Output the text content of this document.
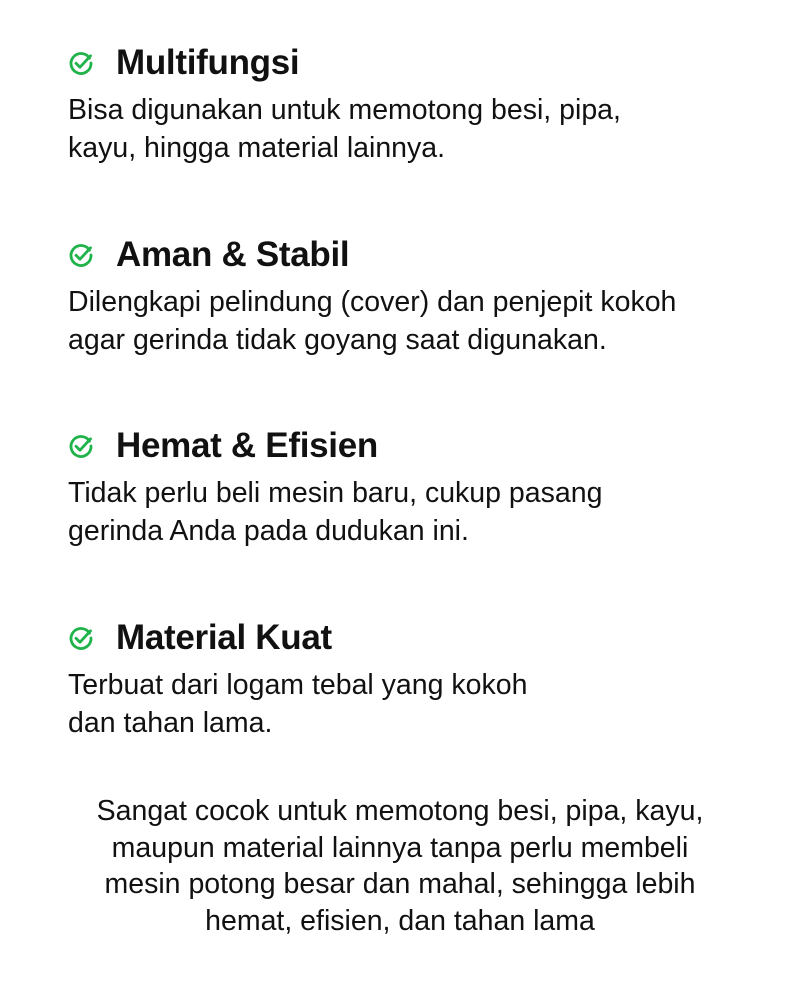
Multifungsi
Bisa digunakan untuk memotong besi, pipa,
kayu, hingga material lainnya.
Aman & Stabil
Dilengkapi pelindung (cover) dan penjepit kokoh
agar gerinda tidak goyang saat digunakan.
Hemat & Efisien
Tidak perlu beli mesin baru, cukup pasang
gerinda Anda pada dudukan ini.
Material Kuat
Terbuat dari logam tebal yang kokoh
dan tahan lama.
Sangat cocok untuk memotong besi, pipa, kayu,
maupun material lainnya tanpa perlu membeli
mesin potong besar dan mahal, sehingga lebih
hemat, efisien, dan tahan lama
